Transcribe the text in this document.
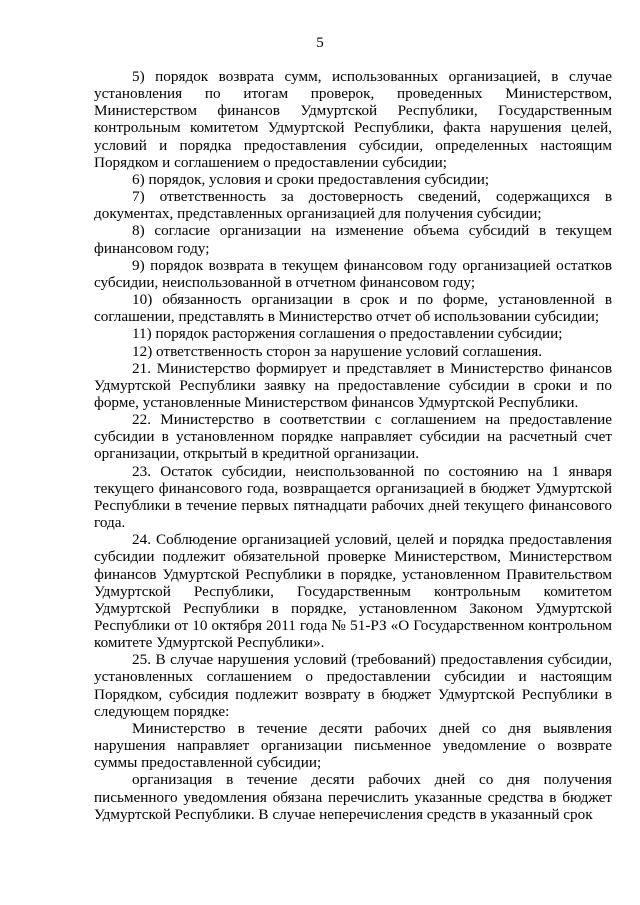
5

5) порядок возврата сумм, использованных организацией, в случае установления по итогам проверок, проведенных Министерством, Министерством финансов Удмуртской Республики, Государственным контрольным комитетом Удмуртской Республики, факта нарушения целей, условий и порядка предоставления субсидии, определенных настоящим Порядком и соглашением о предоставлении субсидии;

6) порядок, условия и сроки предоставления субсидии;

7) ответственность за достоверность сведений, содержащихся в документах, представленных организацией для получения субсидии;

8) согласие организации на изменение объема субсидий в текущем финансовом году;

9) порядок возврата в текущем финансовом году организацией остатков субсидии, неиспользованной в отчетном финансовом году;

10) обязанность организации в срок и по форме, установленной в соглашении, представлять в Министерство отчет об использовании субсидии;

11) порядок расторжения соглашения о предоставлении субсидии;

12) ответственность сторон за нарушение условий соглашения.

21. Министерство формирует и представляет в Министерство финансов Удмуртской Республики заявку на предоставление субсидии в сроки и по форме, установленные Министерством финансов Удмуртской Республики.

22. Министерство в соответствии с соглашением на предоставление субсидии в установленном порядке направляет субсидии на расчетный счет организации, открытый в кредитной организации.

23. Остаток субсидии, неиспользованной по состоянию на 1 января текущего финансового года, возвращается организацией в бюджет Удмуртской Республики в течение первых пятнадцати рабочих дней текущего финансового года.

24. Соблюдение организацией условий, целей и порядка предоставления субсидии подлежит обязательной проверке Министерством, Министерством финансов Удмуртской Республики в порядке, установленном Правительством Удмуртской Республики, Государственным контрольным комитетом Удмуртской Республики в порядке, установленном Законом Удмуртской Республики от 10 октября 2011 года № 51-РЗ «О Государственном контрольном комитете Удмуртской Республики».

25. В случае нарушения условий (требований) предоставления субсидии, установленных соглашением о предоставлении субсидии и настоящим Порядком, субсидия подлежит возврату в бюджет Удмуртской Республики в следующем порядке:

Министерство в течение десяти рабочих дней со дня выявления нарушения направляет организации письменное уведомление о возврате суммы предоставленной субсидии;

организация в течение десяти рабочих дней со дня получения письменного уведомления обязана перечислить указанные средства в бюджет Удмуртской Республики. В случае неперечисления средств в указанный срок
